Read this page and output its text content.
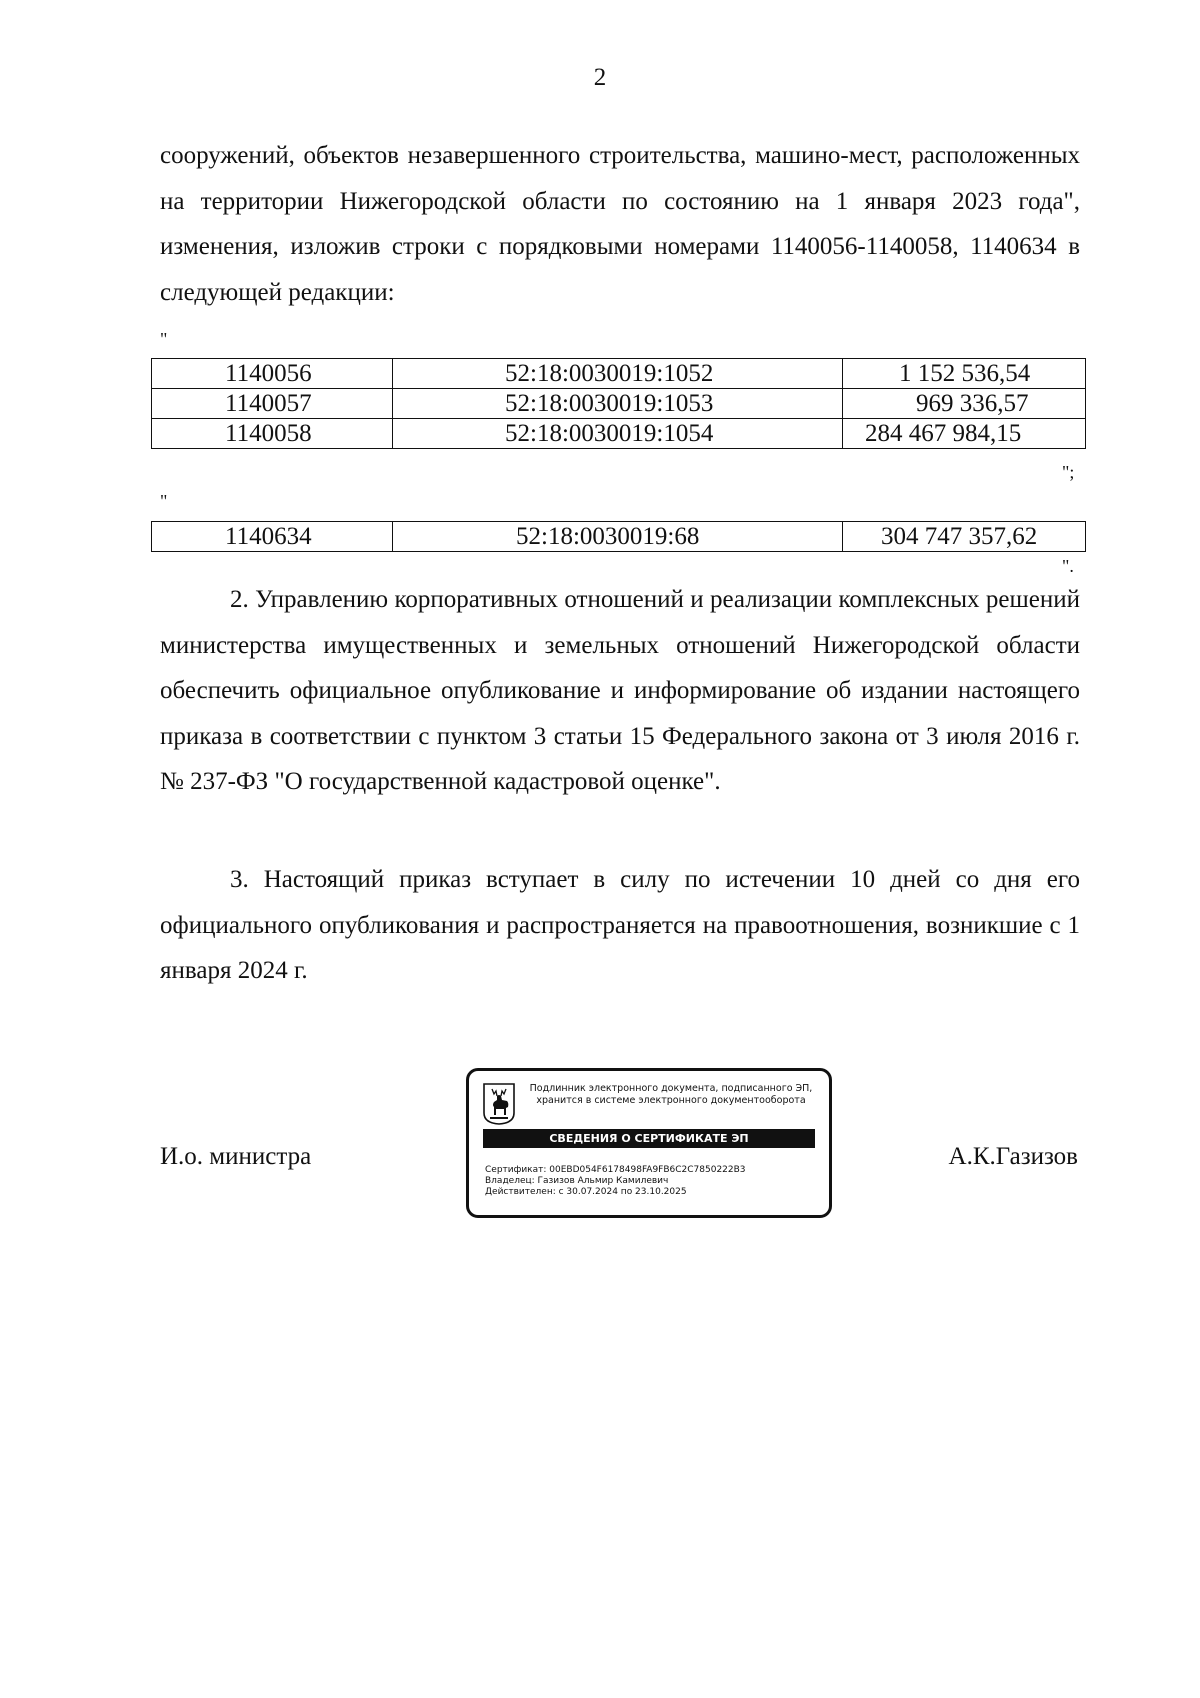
2

сооружений, объектов незавершенного строительства, машино-мест, расположенных на территории Нижегородской области по состоянию на 1 января 2023 года", изменения, изложив строки с порядковыми номерами 1140056-1140058, 1140634 в следующей редакции:

"
1140056	52:18:0030019:1052	1 152 536,54
1140057	52:18:0030019:1053	969 336,57
1140058	52:18:0030019:1054	284 467 984,15
";
"
1140634	52:18:0030019:68	304 747 357,62
".

2. Управлению корпоративных отношений и реализации комплексных решений министерства имущественных и земельных отношений Нижегородской области обеспечить официальное опубликование и информирование об издании настоящего приказа в соответствии с пунктом 3 статьи 15 Федерального закона от 3 июля 2016 г. № 237-ФЗ "О государственной кадастровой оценке".

3. Настоящий приказ вступает в силу по истечении 10 дней со дня его официального опубликования и распространяется на правоотношения, возникшие с 1 января 2024 г.

И.о. министра	А.К.Газизов
Подлинник электронного документа, подписанного ЭП, хранится в системе электронного документооборота
СВЕДЕНИЯ О СЕРТИФИКАТЕ ЭП
Сертификат: 00EBD054F6178498FA9FB6C2C7850222B3
Владелец: Газизов Альмир Камилевич
Действителен: с 30.07.2024 по 23.10.2025
